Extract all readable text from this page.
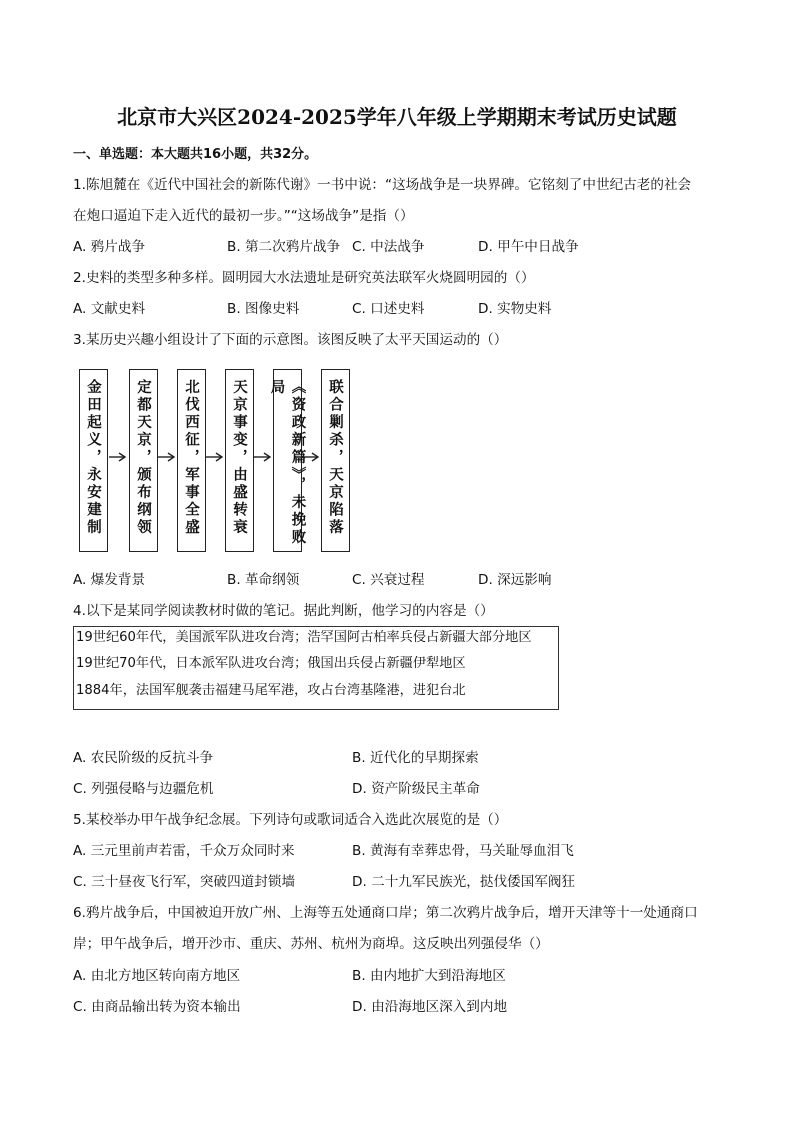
北京市大兴区2024-2025学年八年级上学期期末考试历史试题
一、单选题：本大题共16小题，共32分。
1.陈旭麓在《近代中国社会的新陈代谢》一书中说：“这场战争是一块界碑。它铭刻了中世纪古老的社会
在炮口逼迫下走入近代的最初一步。”“这场战争”是指（）
A. 鸦片战争	B. 第二次鸦片战争 C. 中法战争	D. 甲午中日战争
2.史料的类型多种多样。圆明园大水法遗址是研究英法联军火烧圆明园的（）
A. 文献史料	B. 图像史料	C. 口述史料	D. 实物史料
3.某历史兴趣小组设计了下面的示意图。该图反映了太平天国运动的（）
金田起义，永安建制 定都天京，颁布纲领 北伐西征，军事全盛 天京事变，由盛转衰	《资政新篇》，未挽败局	联合剿杀，天京陷落
A. 爆发背景	B. 革命纲领	C. 兴衰过程	D. 深远影响
4.以下是某同学阅读教材时做的笔记。据此判断，他学习的内容是（）
19世纪60年代，美国派军队进攻台湾；浩罕国阿古柏率兵侵占新疆大部分地区
19世纪70年代，日本派军队进攻台湾；俄国出兵侵占新疆伊犁地区
1884年，法国军舰袭击福建马尾军港，攻占台湾基隆港，进犯台北
A. 农民阶级的反抗斗争	B. 近代化的早期探索
C. 列强侵略与边疆危机	D. 资产阶级民主革命
5.某校举办甲午战争纪念展。下列诗句或歌词适合入选此次展览的是（）
A. 三元里前声若雷，千众万众同时来	B. 黄海有幸葬忠骨，马关耻辱血泪飞
C. 三十昼夜飞行军，突破四道封锁墙	D. 二十九军民族光，挞伐倭国军阀狂
6.鸦片战争后，中国被迫开放广州、上海等五处通商口岸；第二次鸦片战争后，增开天津等十一处通商口
岸；甲午战争后，增开沙市、重庆、苏州、杭州为商埠。这反映出列强侵华（）
A. 由北方地区转向南方地区	B. 由内地扩大到沿海地区
C. 由商品输出转为资本输出	D. 由沿海地区深入到内地
